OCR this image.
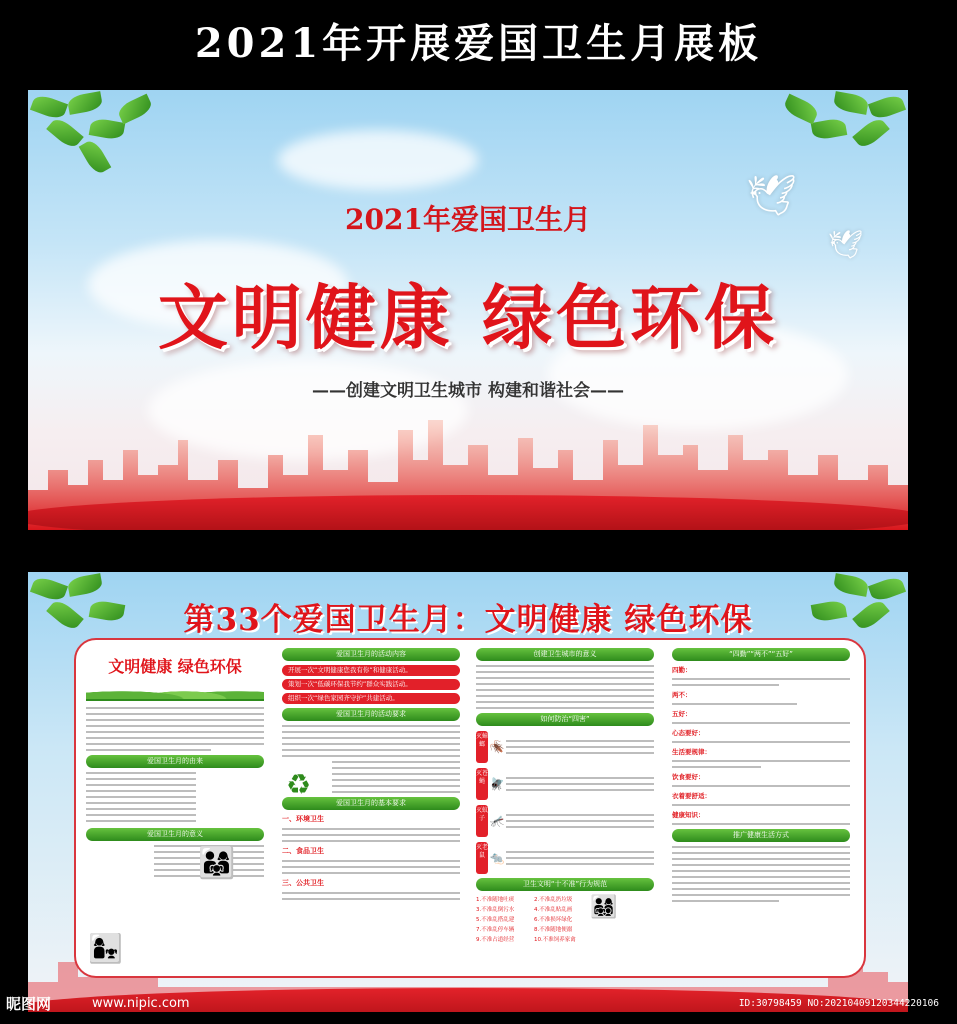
2021年开展爱国卫生月展板
🕊
🕊
2021年爱国卫生月
文明健康 绿色环保
——创建文明卫生城市 构建和谐社会——
第33个爱国卫生月：文明健康 绿色环保
文明健康 绿色环保
爱国卫生月的由来
👨‍👩‍👧
爱国卫生月的意义
👩‍👧
爱国卫生月的活动内容
开展一次“文明健康您我有你”和健康活动。
策划一次“低碳环保我节约”群众实践活动。
组织一次“绿色家园齐守护”共建活动。
爱国卫生月的活动要求
♻
爱国卫生月的基本要求
一、环境卫生
二、食品卫生
三、公共卫生
创建卫生城市的意义
如何防治“四害”
灭蟑螂 🪳
灭苍蝇 🪰
灭蚊子 🦟
灭老鼠 🐀
卫生文明“十不准”行为规范
1.不准随地吐痰	2.不准乱扔垃圾
3.不准乱倒污水	4.不准乱贴乱画
5.不准乱搭乱建	6.不准损坏绿化
7.不准乱停车辆	8.不准随地便溺
9.不准占道经营	10.不准饲养家禽
👨‍👩‍👧‍👦
“四勤”“两不”“五好”
四勤：
两不：
五好：
心态要好：
生活要规律：
饮食要好：
衣着要舒适：
健康知识：
推广健康生活方式
昵图网	www.nipic.com	ID:30798459 NO:20210409120344220106
